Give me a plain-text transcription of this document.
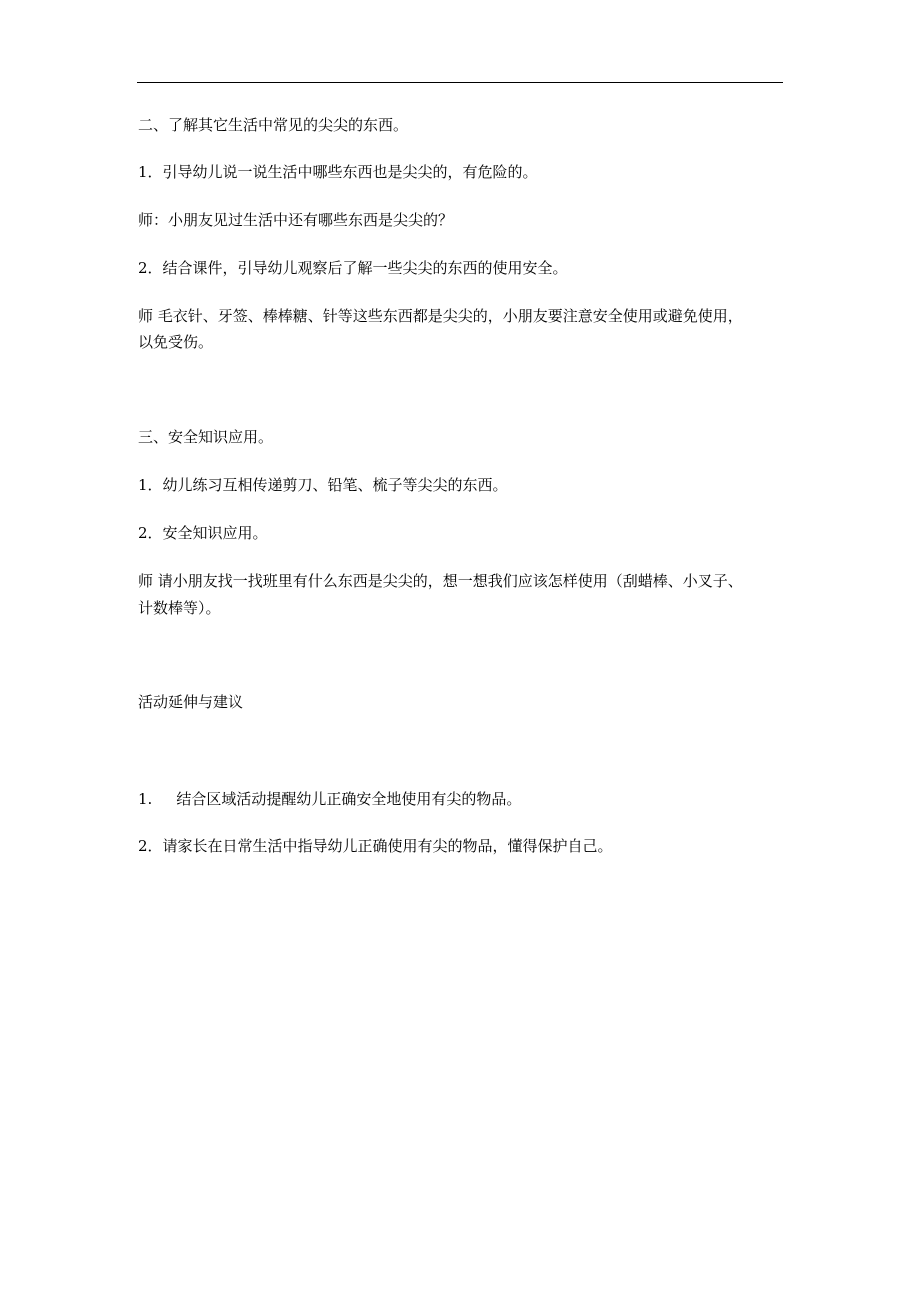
二、了解其它生活中常见的尖尖的东西。
1．引导幼儿说一说生活中哪些东西也是尖尖的，有危险的。
师：小朋友见过生活中还有哪些东西是尖尖的？
2．结合课件，引导幼儿观察后了解一些尖尖的东西的使用安全。
师 毛衣针、牙签、棒棒糖、针等这些东西都是尖尖的，小朋友要注意安全使用或避免使用，
以免受伤。
三、安全知识应用。
1．幼儿练习互相传递剪刀、铅笔、梳子等尖尖的东西。
2．安全知识应用。
师 请小朋友找一找班里有什么东西是尖尖的，想一想我们应该怎样使用（刮蜡棒、小叉子、
计数棒等）。
活动延伸与建议
1. 结合区域活动提醒幼儿正确安全地使用有尖的物品。
2．请家长在日常生活中指导幼儿正确使用有尖的物品，懂得保护自己。
